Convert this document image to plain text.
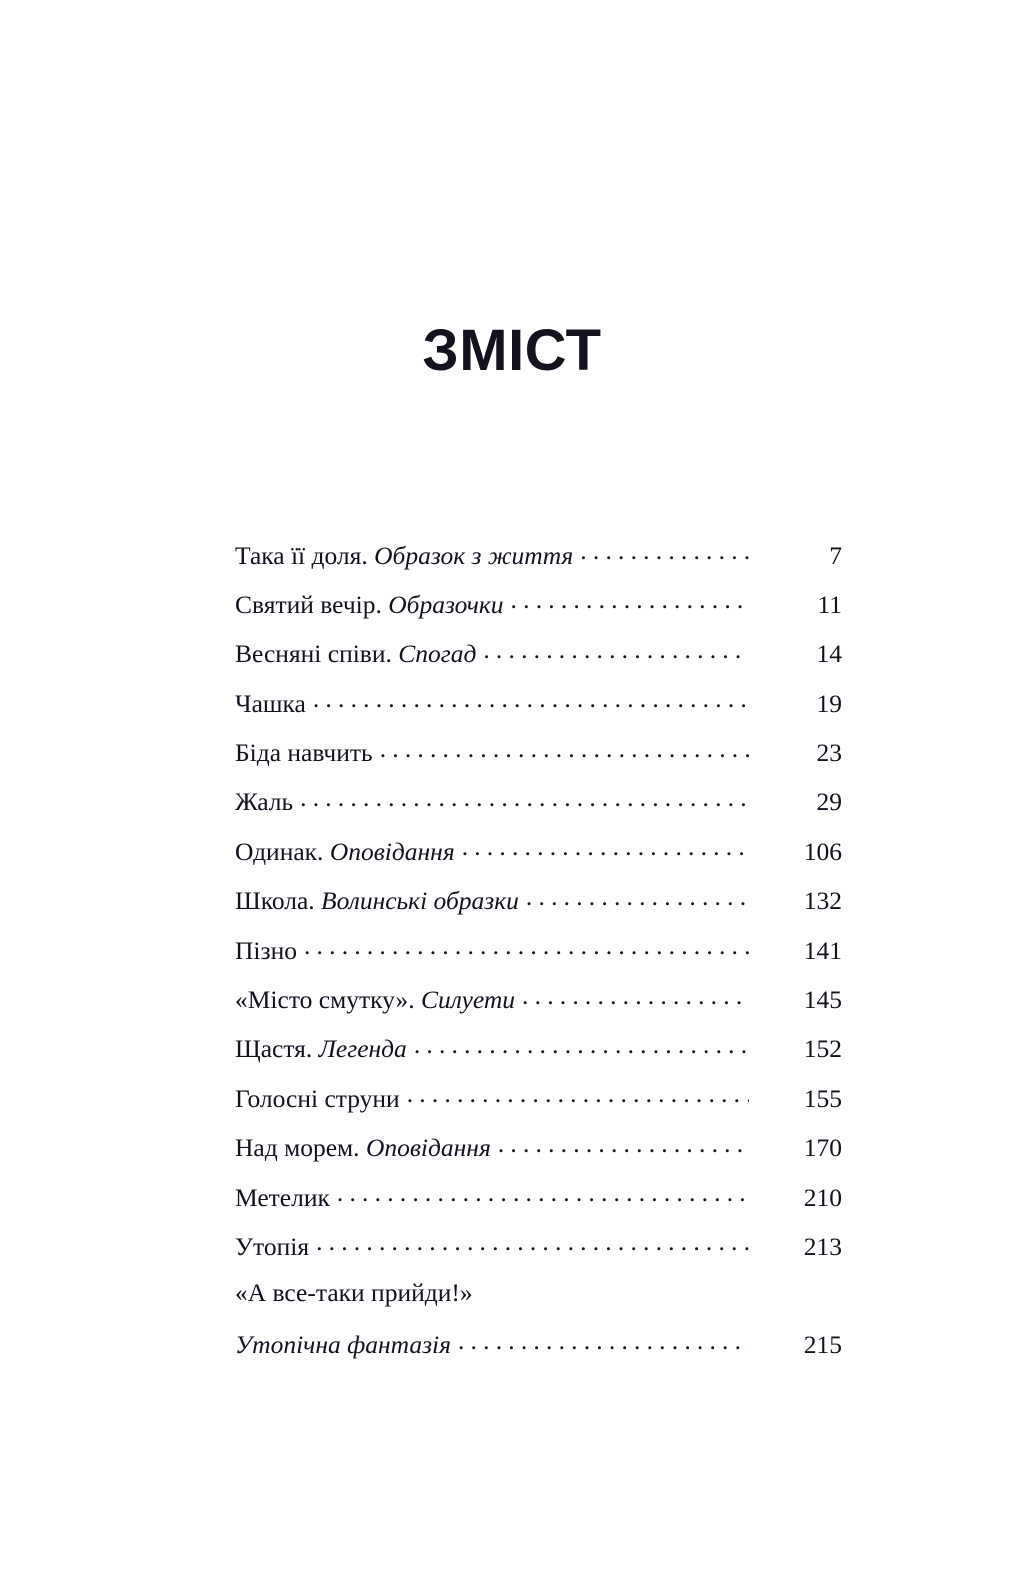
ЗМІСТ
Така її доля. Образок з життя .....	7
Святий вечір. Образочки .....	11
Весняні співи. Спогад .....	14
Чашка .....	19
Біда навчить .....	23
Жаль .....	29
Одинак. Оповідання .....	106
Школа. Волинські образки .....	132
Пізно .....	141
«Місто смутку». Силуети .....	145
Щастя. Легенда .....	152
Голосні струни .....	155
Над морем. Оповідання .....	170
Метелик .....	210
Утопія .....	213
«А все-таки прийди!»
Утопічна фантазія .....	215
